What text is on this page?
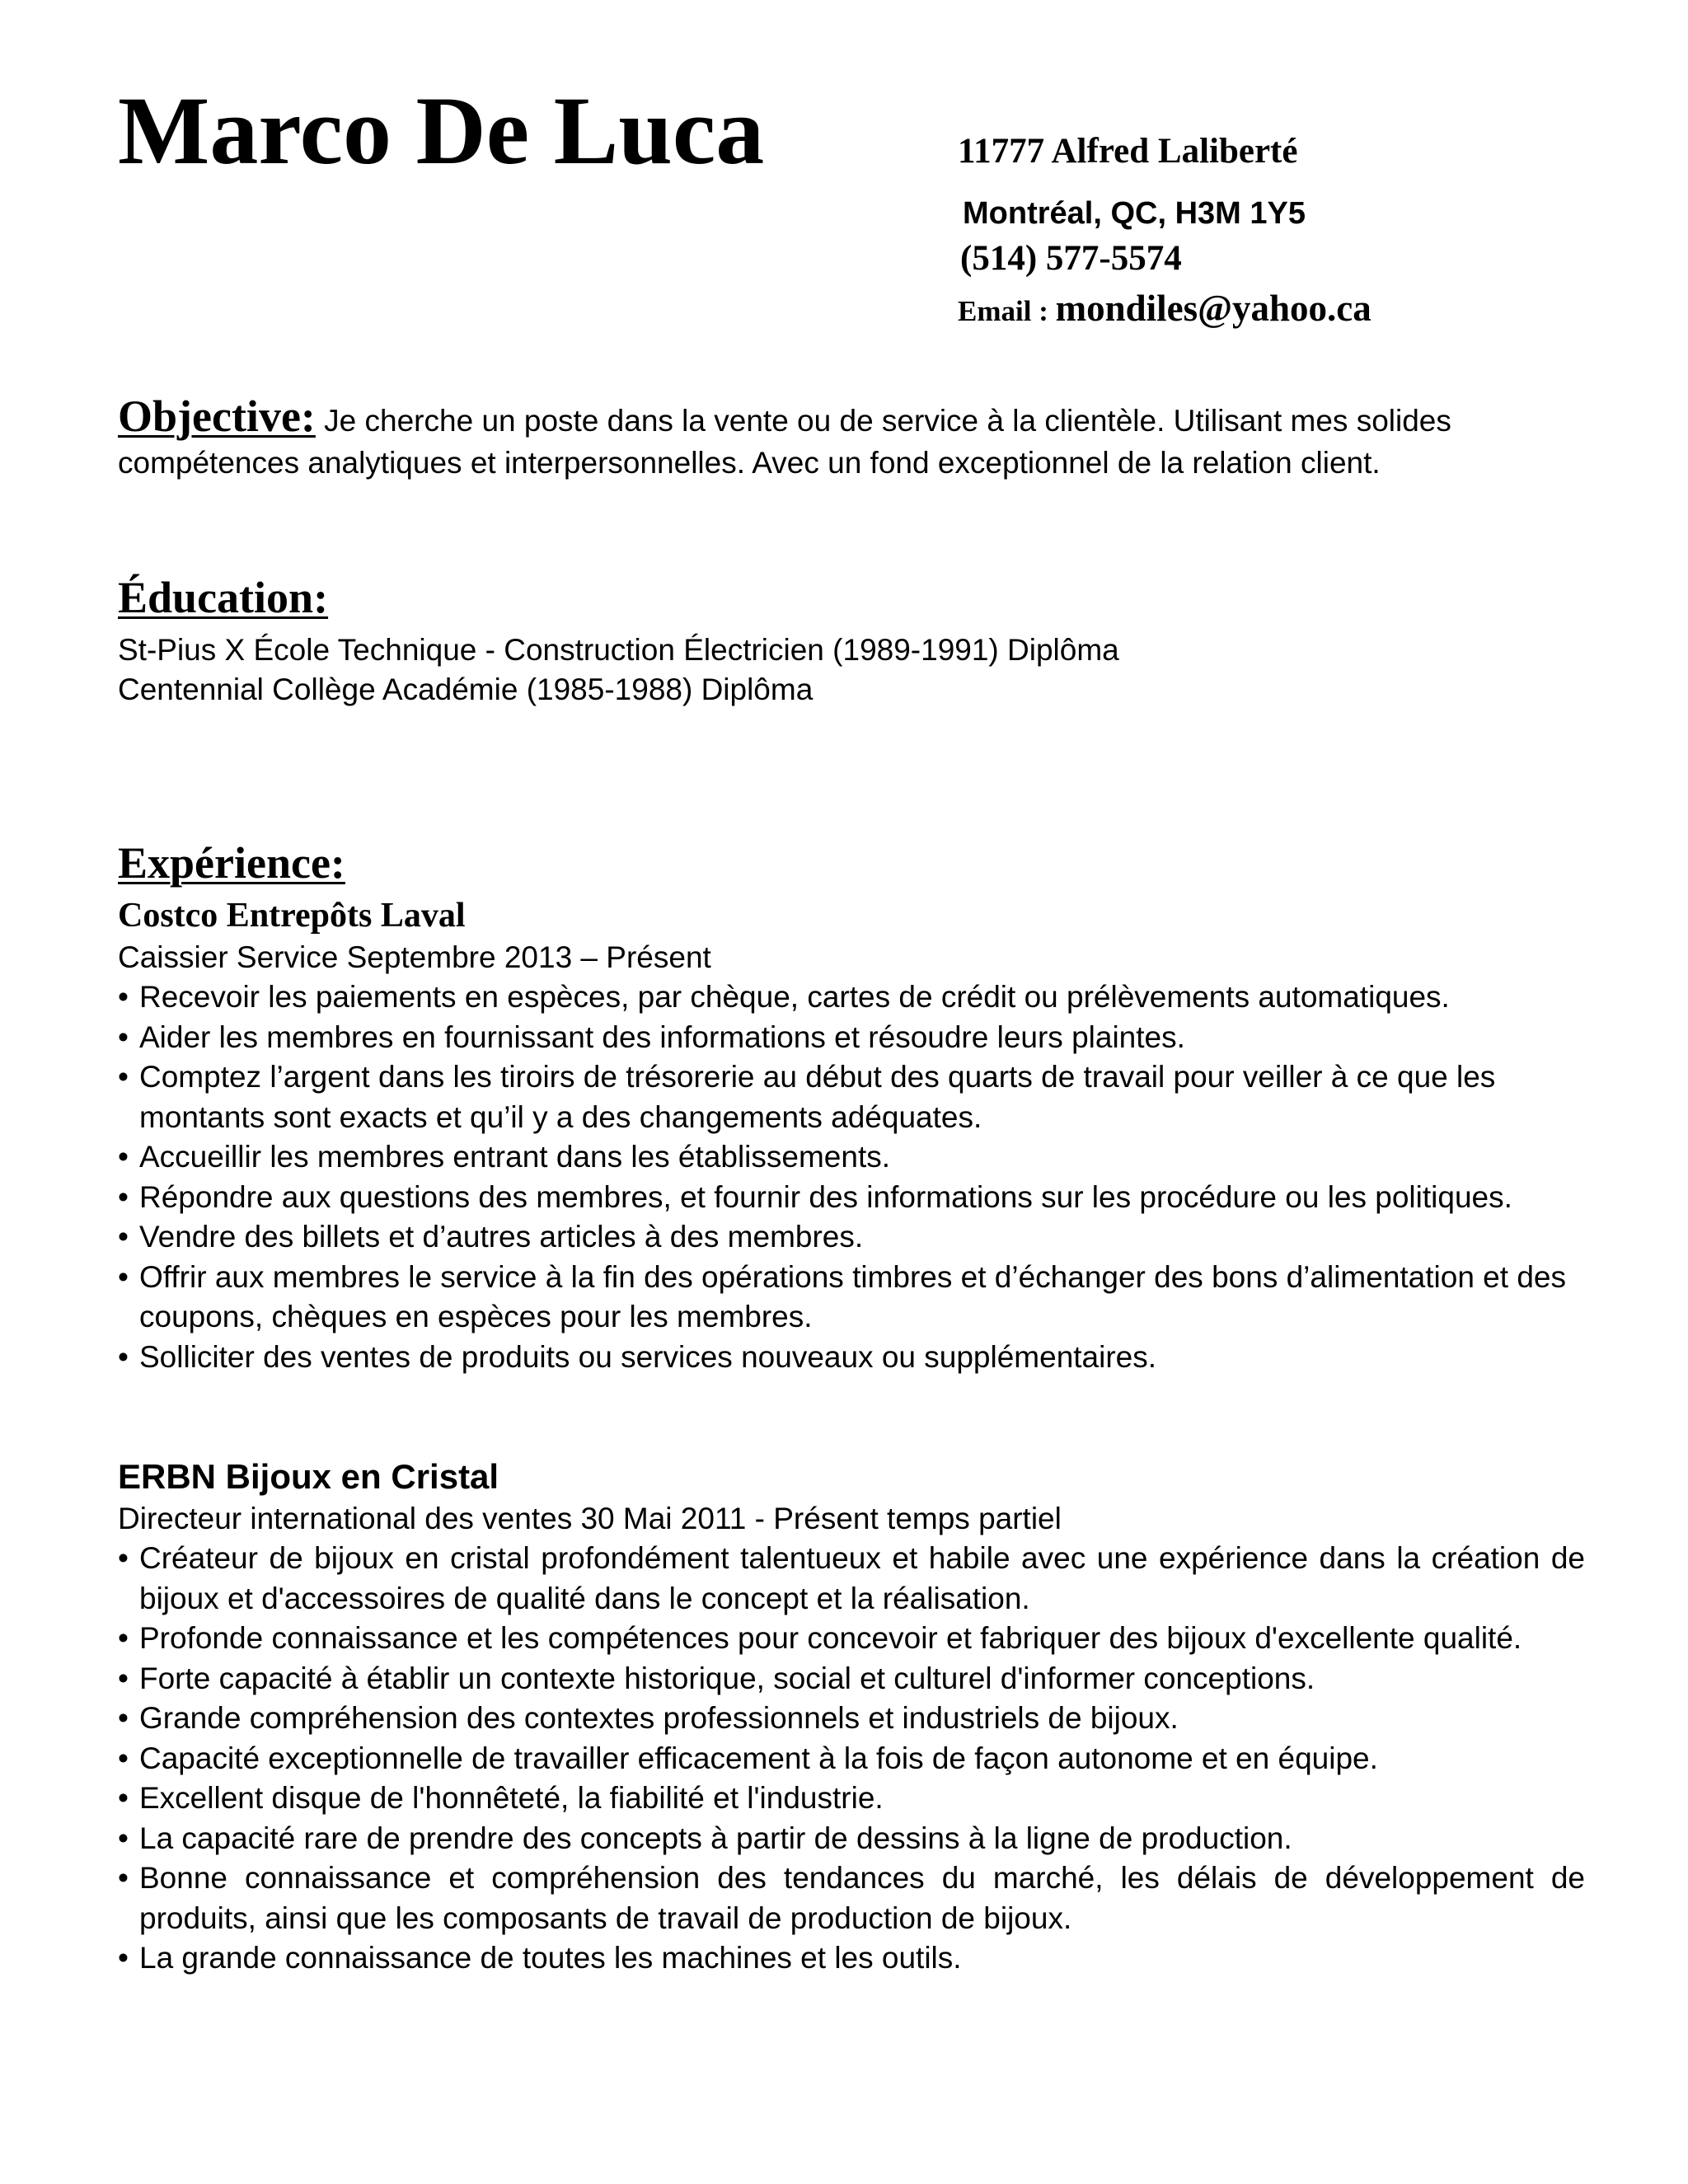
Marco De Luca	11777 Alfred Laliberté
Montréal, QC, H3M 1Y5
(514) 577-5574
Email : mondiles@yahoo.ca

Objective: Je cherche un poste dans la vente ou de service à la clientèle. Utilisant mes solides compétences analytiques et interpersonnelles. Avec un fond exceptionnel de la relation client.

Éducation:
St-Pius X École Technique - Construction Électricien (1989-1991) Diplôma
Centennial Collège Académie (1985-1988) Diplôma
Expérience:
Costco Entrepôts Laval
Caissier Service Septembre 2013 – Présent
• Recevoir les paiements en espèces, par chèque, cartes de crédit ou prélèvements automatiques.
• Aider les membres en fournissant des informations et résoudre leurs plaintes.
• Comptez l’argent dans les tiroirs de trésorerie au début des quarts de travail pour veiller à ce que les montants sont exacts et qu’il y a des changements adéquates.
• Accueillir les membres entrant dans les établissements.
• Répondre aux questions des membres, et fournir des informations sur les procédure ou les politiques.
• Vendre des billets et d’autres articles à des membres.
• Offrir aux membres le service à la fin des opérations timbres et d’échanger des bons d’alimentation et des coupons, chèques en espèces pour les membres.
• Solliciter des ventes de produits ou services nouveaux ou supplémentaires.
ERBN Bijoux en Cristal
Directeur international des ventes 30 Mai 2011 - Présent temps partiel
• Créateur de bijoux en cristal profondément talentueux et habile avec une expérience dans la création de bijoux et d'accessoires de qualité dans le concept et la réalisation.
• Profonde connaissance et les compétences pour concevoir et fabriquer des bijoux d'excellente qualité.
• Forte capacité à établir un contexte historique, social et culturel d'informer conceptions.
• Grande compréhension des contextes professionnels et industriels de bijoux.
• Capacité exceptionnelle de travailler efficacement à la fois de façon autonome et en équipe.
• Excellent disque de l'honnêteté, la fiabilité et l'industrie.
• La capacité rare de prendre des concepts à partir de dessins à la ligne de production.
• Bonne connaissance et compréhension des tendances du marché, les délais de développement de produits, ainsi que les composants de travail de production de bijoux.
• La grande connaissance de toutes les machines et les outils.
